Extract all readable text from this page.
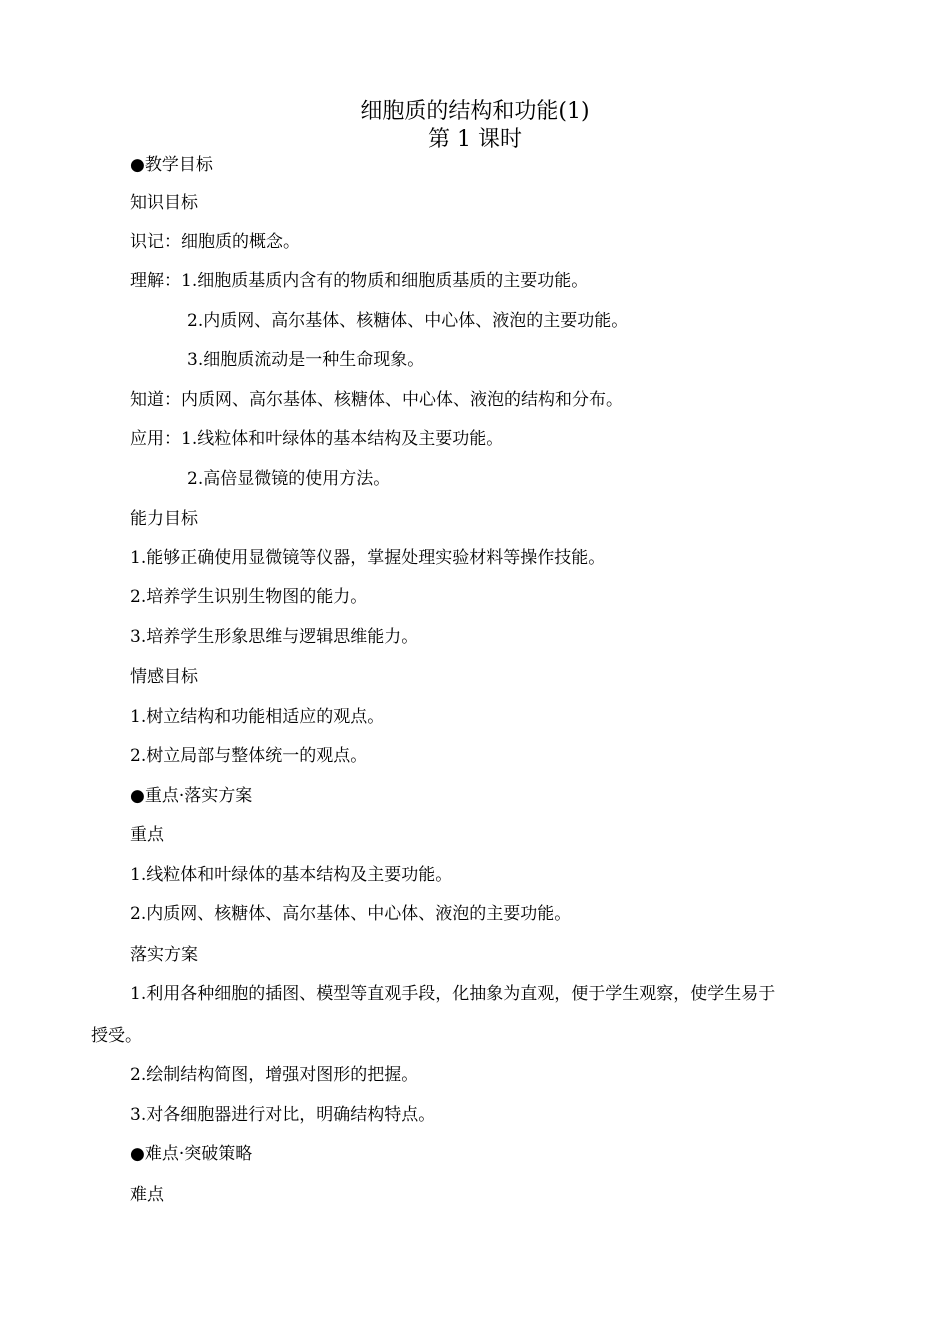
细胞质的结构和功能(1)
第 1 课时
●教学目标
知识目标
识记：细胞质的概念。
理解：1.细胞质基质内含有的物质和细胞质基质的主要功能。
2.内质网、高尔基体、核糖体、中心体、液泡的主要功能。
3.细胞质流动是一种生命现象。
知道：内质网、高尔基体、核糖体、中心体、液泡的结构和分布。
应用：1.线粒体和叶绿体的基本结构及主要功能。
2.高倍显微镜的使用方法。
能力目标
1.能够正确使用显微镜等仪器，掌握处理实验材料等操作技能。
2.培养学生识别生物图的能力。
3.培养学生形象思维与逻辑思维能力。
情感目标
1.树立结构和功能相适应的观点。
2.树立局部与整体统一的观点。
●重点·落实方案
重点
1.线粒体和叶绿体的基本结构及主要功能。
2.内质网、核糖体、高尔基体、中心体、液泡的主要功能。
落实方案
1.利用各种细胞的插图、模型等直观手段，化抽象为直观，便于学生观察，使学生易于
授受。
2.绘制结构简图，增强对图形的把握。
3.对各细胞器进行对比，明确结构特点。
●难点·突破策略
难点
